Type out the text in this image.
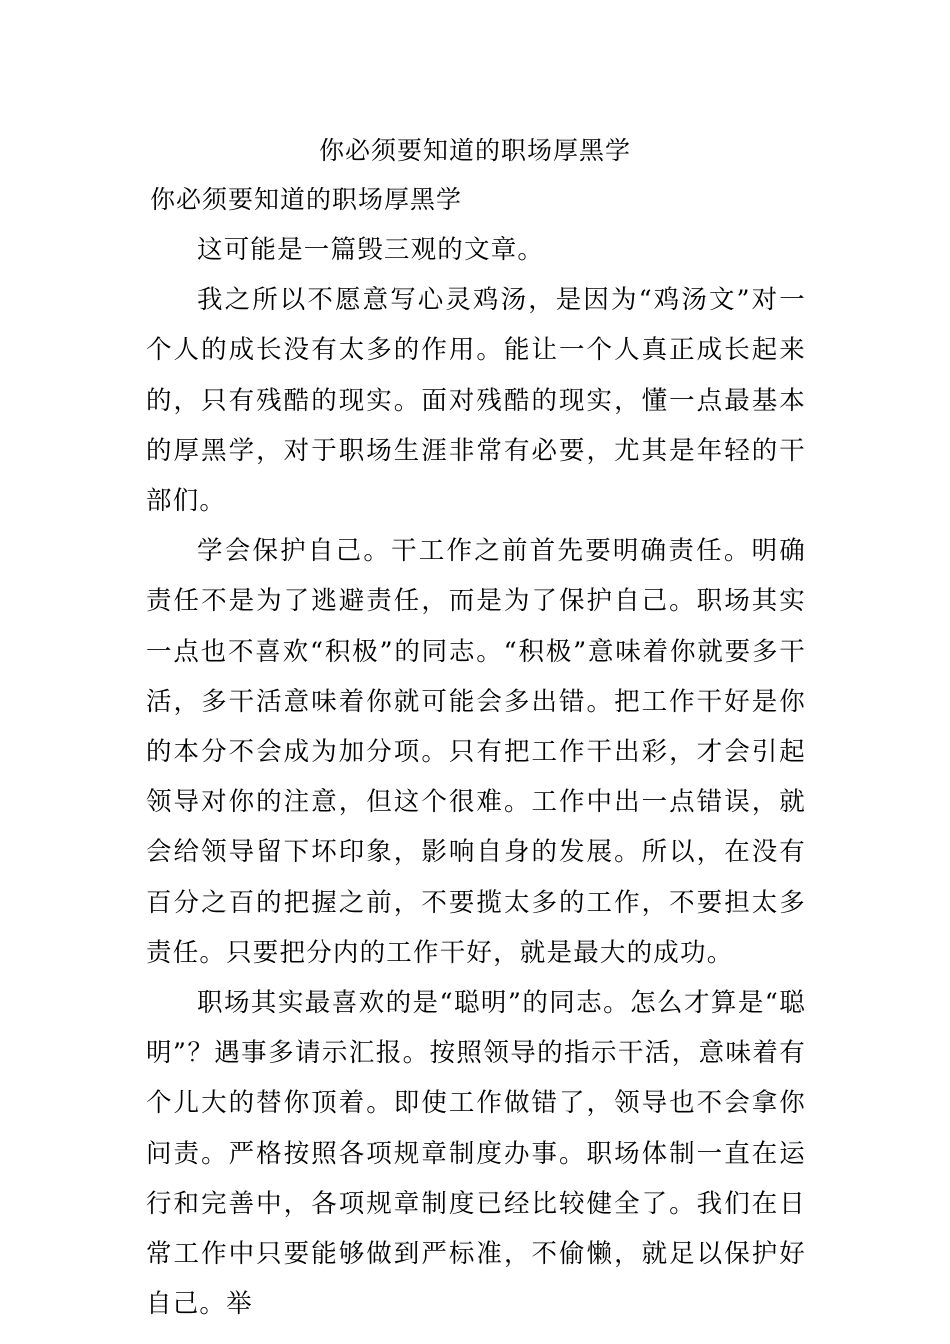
你必须要知道的职场厚黑学
你必须要知道的职场厚黑学

这可能是一篇毁三观的文章。

我之所以不愿意写心灵鸡汤，是因为“鸡汤文”对一个人的成长没有太多的作用。能让一个人真正成长起来的，只有残酷的现实。面对残酷的现实，懂一点最基本的厚黑学，对于职场生涯非常有必要，尤其是年轻的干部们。

学会保护自己。干工作之前首先要明确责任。明确责任不是为了逃避责任，而是为了保护自己。职场其实一点也不喜欢“积极”的同志。“积极”意味着你就要多干活，多干活意味着你就可能会多出错。把工作干好是你的本分不会成为加分项。只有把工作干出彩，才会引起领导对你的注意，但这个很难。工作中出一点错误，就会给领导留下坏印象，影响自身的发展。所以，在没有百分之百的把握之前，不要揽太多的工作，不要担太多责任。只要把分内的工作干好，就是最大的成功。

职场其实最喜欢的是“聪明”的同志。怎么才算是“聪明”？遇事多请示汇报。按照领导的指示干活，意味着有个儿大的替你顶着。即使工作做错了，领导也不会拿你问责。严格按照各项规章制度办事。职场体制一直在运行和完善中，各项规章制度已经比较健全了。我们在日常工作中只要能够做到严标准，不偷懒，就足以保护好自己。举
